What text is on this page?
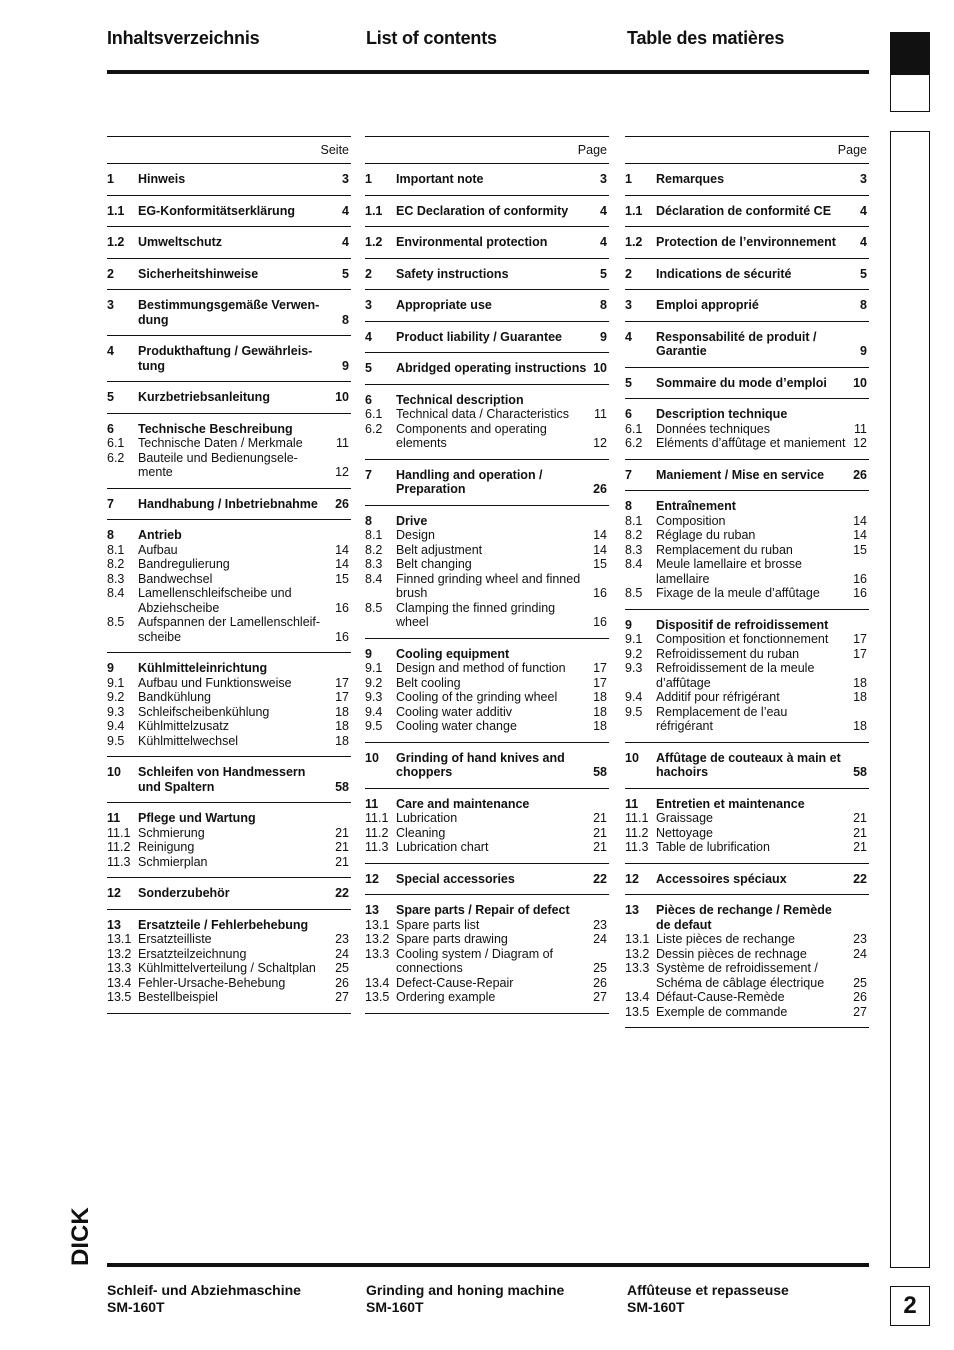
Inhaltsverzeichnis	List of contents	Table des matières
Seite
1 Hinweis	3
1.1 EG-Konformitätserklärung	4
1.2 Umweltschutz	4
2 Sicherheitshinweise	5
3 Bestimmungsgemäße Verwen-dung	8
4 Produkthaftung / Gewährleis-tung	9
5 Kurzbetriebsanleitung	10
6 Technische Beschreibung
6.1 Technische Daten / Merkmale	11
6.2 Bauteile und Bedienungsele-mente	12
7 Handhabung / Inbetriebnahme 26
8 Antrieb
8.1 Aufbau	14
8.2 Bandregulierung	14
8.3 Bandwechsel	15
8.4 Lamellenschleifscheibe und Abziehscheibe	16
8.5 Aufspannen der Lamellenschleif-scheibe	16
9 Kühlmitteleinrichtung
9.1 Aufbau und Funktionsweise	17
9.2 Bandkühlung	17
9.3 Schleifscheibenkühlung	18
9.4 Kühlmittelzusatz	18
9.5 Kühlmittelwechsel	18
10 Schleifen von Handmessern und Spaltern	58
11 Pflege und Wartung
11.1 Schmierung	21
11.2 Reinigung	21
11.3 Schmierplan	21
12 Sonderzubehör	22
13 Ersatzteile / Fehlerbehebung
13.1 Ersatzteilliste	23
13.2 Ersatzteilzeichnung	24
13.3 Kühlmittelverteilung / Schaltplan 25
13.4 Fehler-Ursache-Behebung	26
13.5 Bestellbeispiel	27
Page
1 Important note	3
1.1 EC Declaration of conformity	4
1.2 Environmental protection	4
2 Safety instructions	5
3 Appropriate use	8
4 Product liability / Guarantee	9
5 Abridged operating instructions 10
6 Technical description
6.1 Technical data / Characteristics 11
6.2 Components and operating elements	12
7 Handling and operation / Preparation	26
8 Drive
8.1 Design	14
8.2 Belt adjustment	14
8.3 Belt changing	15
8.4 Finned grinding wheel and finned brush	16
8.5 Clamping the finned grinding wheel	16
9 Cooling equipment
9.1 Design and method of function 17
9.2 Belt cooling	17
9.3 Cooling of the grinding wheel	18
9.4 Cooling water additiv	18
9.5 Cooling water change	18
10 Grinding of hand knives and choppers	58
11 Care and maintenance
11.1 Lubrication	21
11.2 Cleaning	21
11.3 Lubrication chart	21
12 Special accessories	22
13 Spare parts / Repair of defect
13.1 Spare parts list	23
13.2 Spare parts drawing	24
13.3 Cooling system / Diagram of connections	25
13.4 Defect-Cause-Repair	26
13.5 Ordering example	27
Page
1 Remarques	3
1.1 Déclaration de conformité CE 4
1.2 Protection de l’environnement 4
2 Indications de sécurité	5
3 Emploi approprié	8
4 Responsabilité de produit / Garantie	9
5 Sommaire du mode d’emploi 10
6 Description technique
6.1 Données techniques	11
6.2 Eléments d’affûtage et maniement 12
7 Maniement / Mise en service 26
8 Entraînement
8.1 Composition	14
8.2 Réglage du ruban	14
8.3 Remplacement du ruban	15
8.4 Meule lamellaire et brosse lamellaire	16
8.5 Fixage de la meule d’affûtage	16
9 Dispositif de refroidissement
9.1 Composition et fonctionnement 17
9.2 Refroidissement du ruban	17
9.3 Refroidissement de la meule d’affûtage	18
9.4 Additif pour réfrigérant	18
9.5 Remplacement de l’eau réfrigérant	18
10 Affûtage de couteaux à main et hachoirs	58
11 Entretien et maintenance
11.1 Graissage	21
11.2 Nettoyage	21
11.3 Table de lubrification	21
12 Accessoires spéciaux	22
13 Pièces de rechange / Remède de defaut
13.1 Liste pièces de rechange	23
13.2 Dessin pièces de rechnage	24
13.3 Système de refroidissement / Schéma de câblage électrique 25
13.4 Défaut-Cause-Remède	26
13.5 Exemple de commande	27
DICK
Schleif- und Abziehmaschine
SM-160T
Grinding and honing machine
SM-160T
Affûteuse et repasseuse
SM-160T	2
